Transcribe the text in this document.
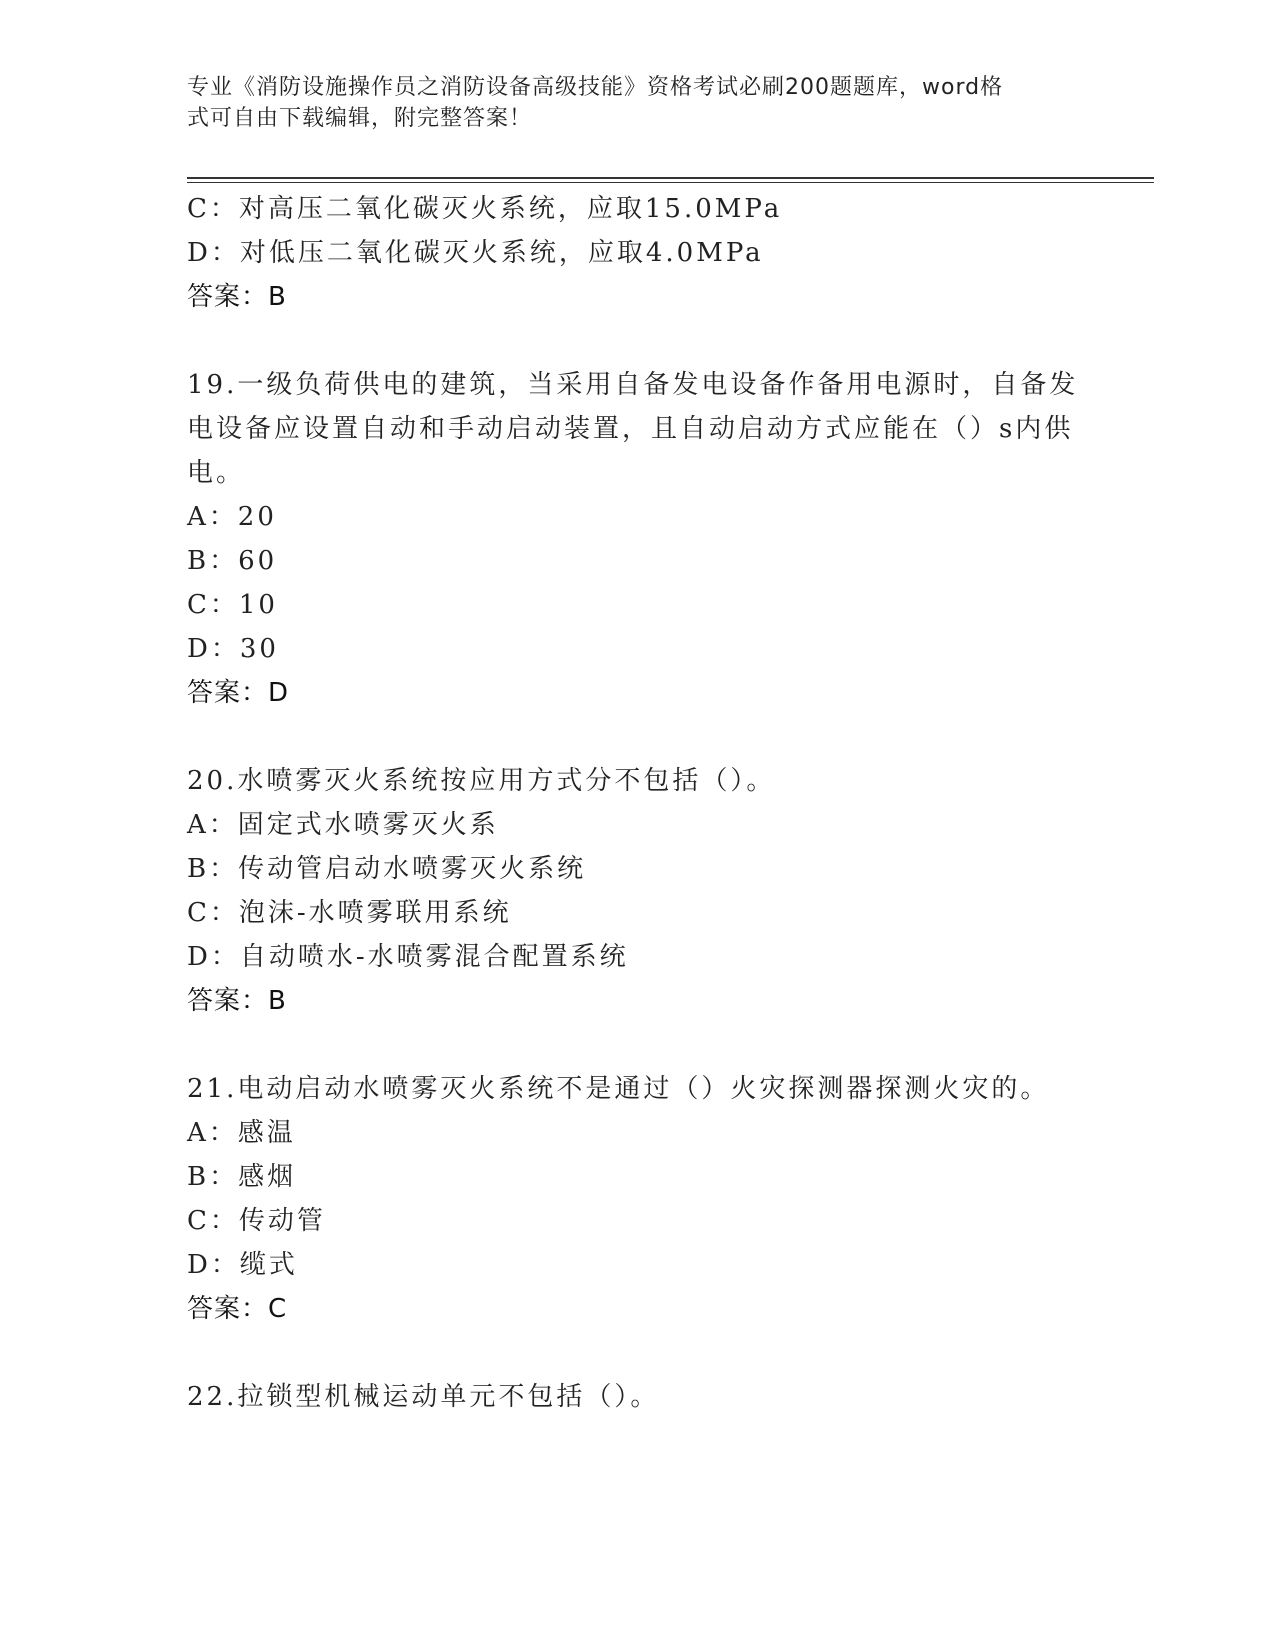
专业《消防设施操作员之消防设备高级技能》资格考试必刷200题题库，word格
式可自由下载编辑，附完整答案！
C：对高压二氧化碳灭火系统，应取15.0MPa
D：对低压二氧化碳灭火系统，应取4.0MPa
答案：B
19.一级负荷供电的建筑，当采用自备发电设备作备用电源时，自备发
电设备应设置自动和手动启动装置，且自动启动方式应能在（）s内供
电。
A：20
B：60
C：10
D：30
答案：D
20.水喷雾灭火系统按应用方式分不包括（）。
A：固定式水喷雾灭火系
B：传动管启动水喷雾灭火系统
C：泡沫-水喷雾联用系统
D：自动喷水-水喷雾混合配置系统
答案：B
21.电动启动水喷雾灭火系统不是通过（）火灾探测器探测火灾的。
A：感温
B：感烟
C：传动管
D：缆式
答案：C
22.拉锁型机械运动单元不包括（）。
